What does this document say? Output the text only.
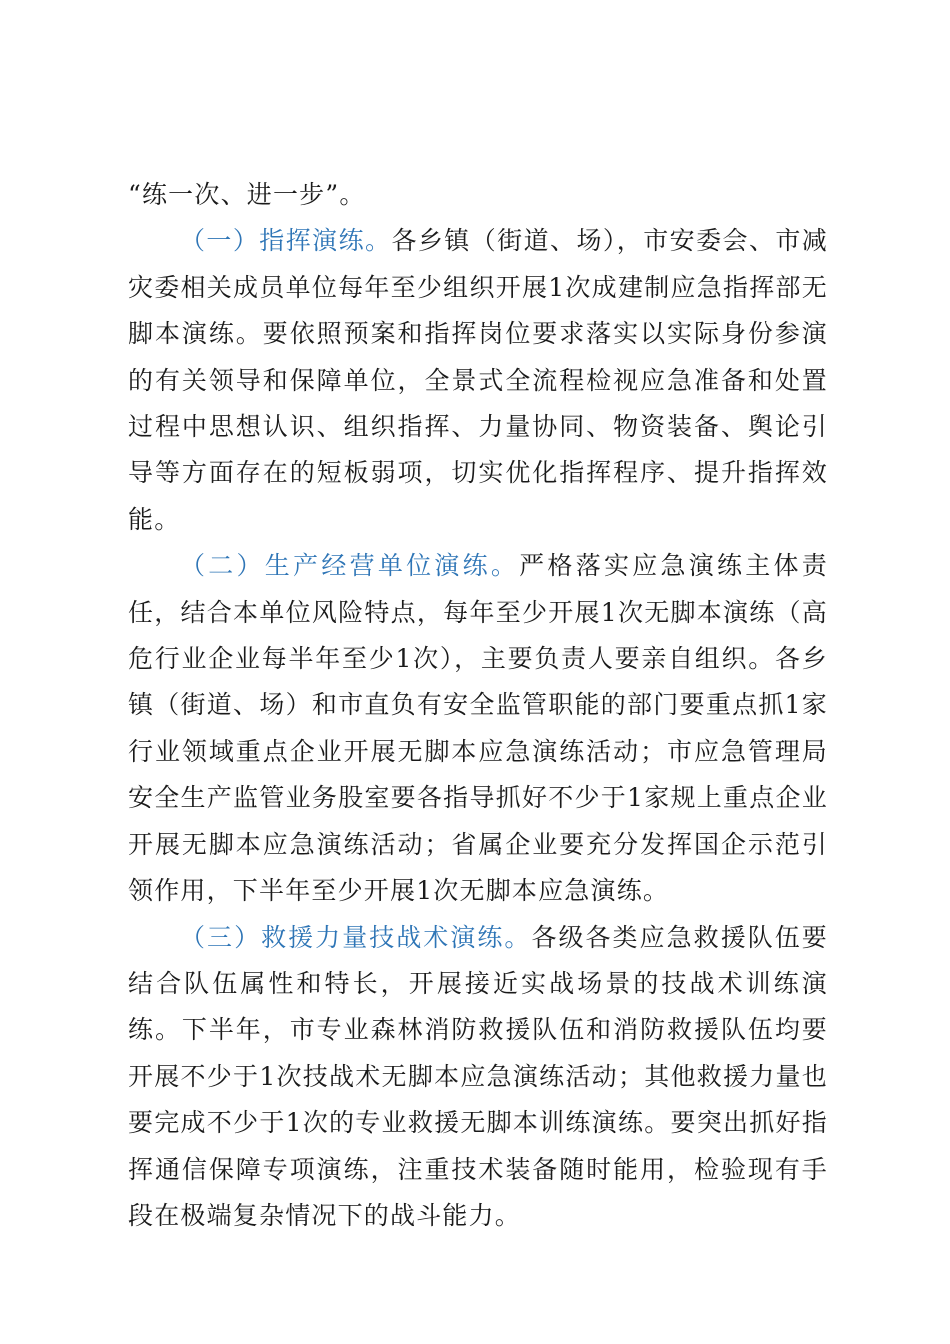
“练一次、进一步”。

（一）指挥演练。各乡镇（街道、场），市安委会、市减灾委相关成员单位每年至少组织开展1次成建制应急指挥部无脚本演练。要依照预案和指挥岗位要求落实以实际身份参演的有关领导和保障单位，全景式全流程检视应急准备和处置过程中思想认识、组织指挥、力量协同、物资装备、舆论引导等方面存在的短板弱项，切实优化指挥程序、提升指挥效能。

（二）生产经营单位演练。严格落实应急演练主体责任，结合本单位风险特点，每年至少开展1次无脚本演练（高危行业企业每半年至少1次），主要负责人要亲自组织。各乡镇（街道、场）和市直负有安全监管职能的部门要重点抓1家行业领域重点企业开展无脚本应急演练活动；市应急管理局安全生产监管业务股室要各指导抓好不少于1家规上重点企业开展无脚本应急演练活动；省属企业要充分发挥国企示范引领作用，下半年至少开展1次无脚本应急演练。

（三）救援力量技战术演练。各级各类应急救援队伍要结合队伍属性和特长，开展接近实战场景的技战术训练演练。下半年，市专业森林消防救援队伍和消防救援队伍均要开展不少于1次技战术无脚本应急演练活动；其他救援力量也要完成不少于1次的专业救援无脚本训练演练。要突出抓好指挥通信保障专项演练，注重技术装备随时能用，检验现有手段在极端复杂情况下的战斗能力。
